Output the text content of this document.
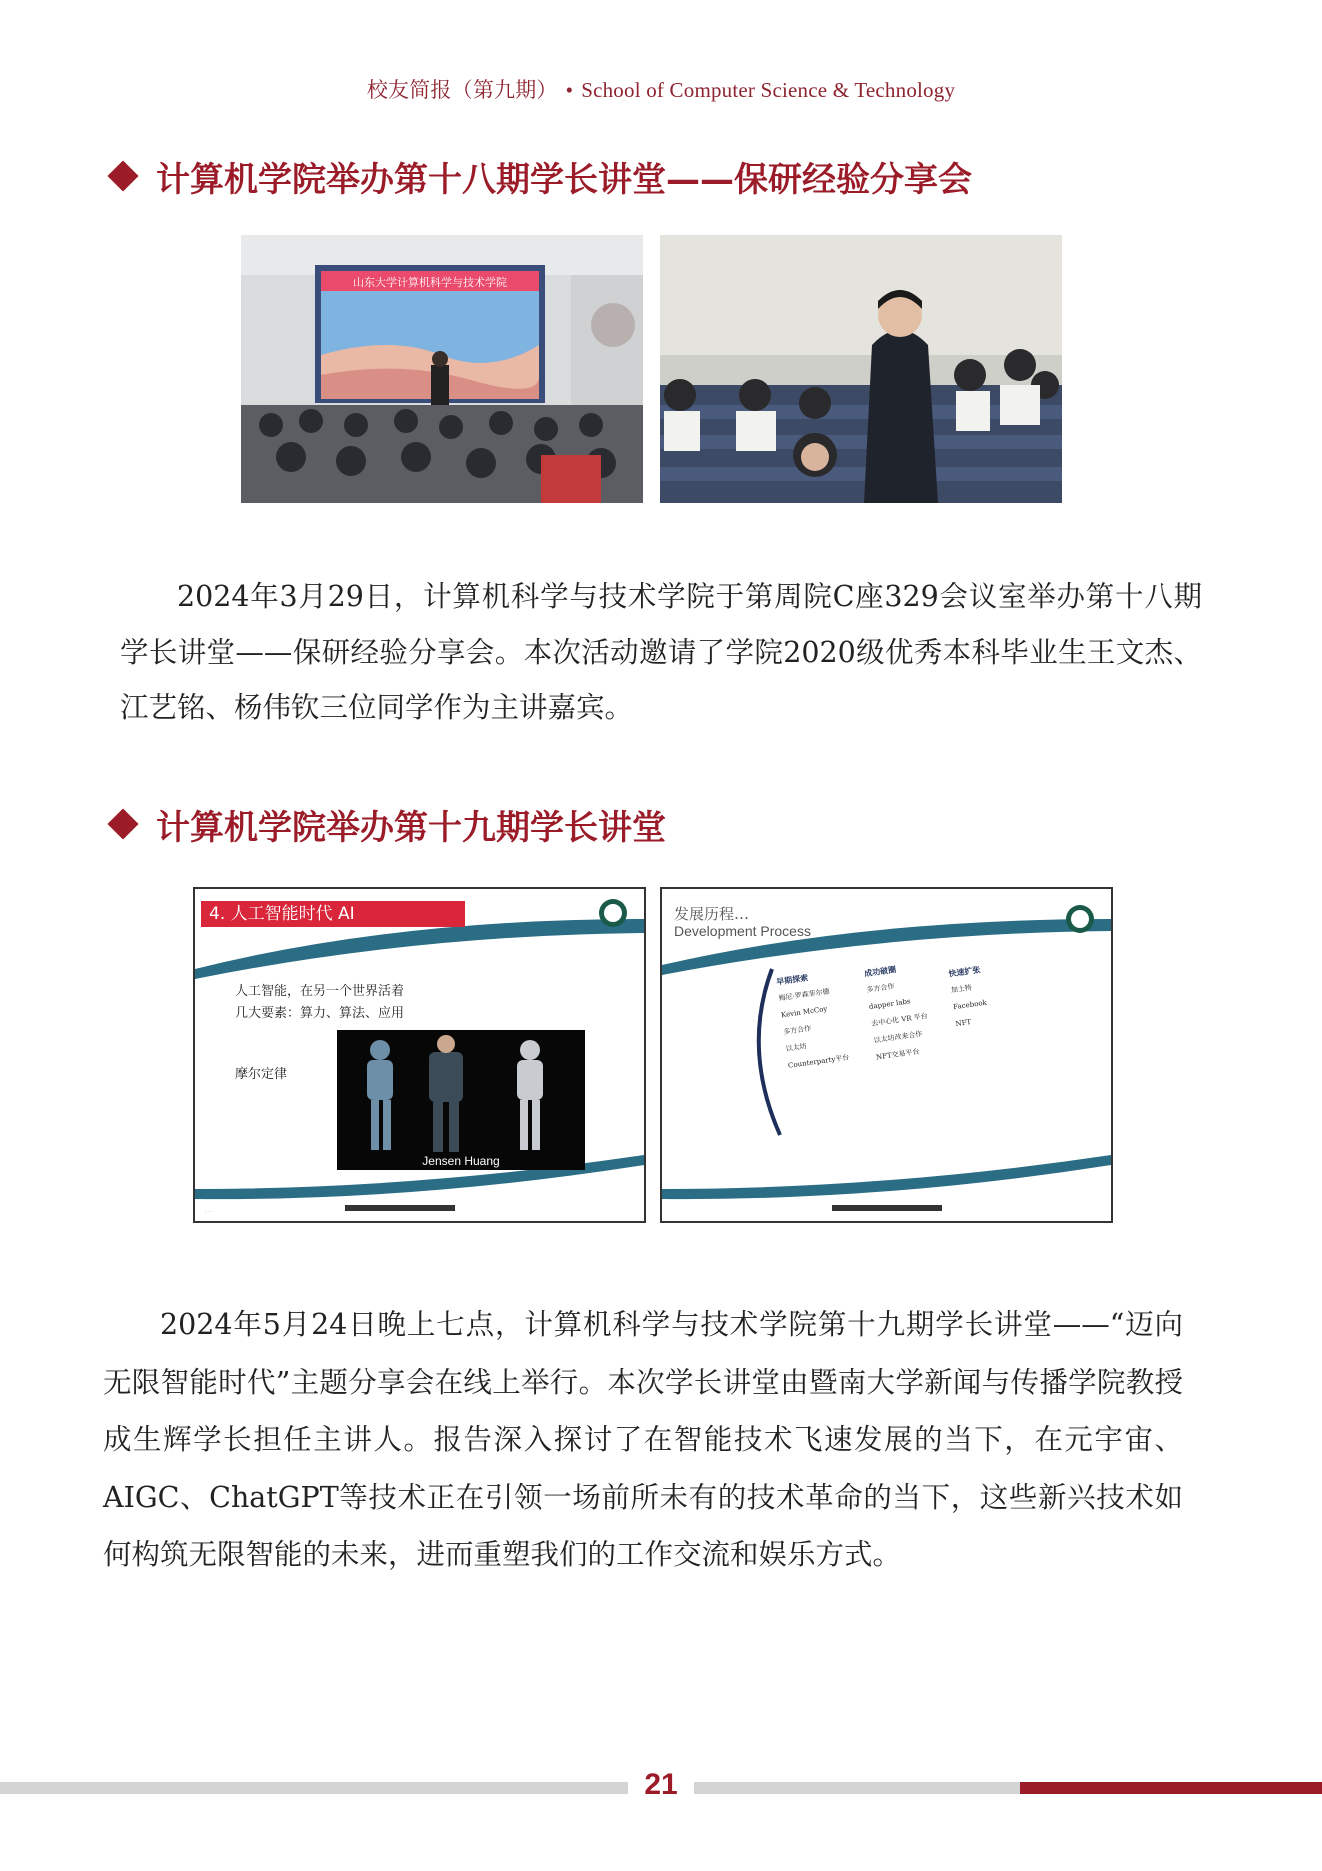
校友简报（第九期） • School of Computer Science & Technology
计算机学院举办第十八期学长讲堂——保研经验分享会
山东大学计算机科学与技术学院

2024年3月29日，计算机科学与技术学院于第周院C座329会议室举办第十八期学长讲堂——保研经验分享会。本次活动邀请了学院2020级优秀本科毕业生王文杰、江艺铭、杨伟钦三位同学作为主讲嘉宾。

计算机学院举办第十九期学长讲堂
· · ·
4. 人工智能时代 AI
人工智能，在另一个世界活着
几大要素：算力、算法、应用
摩尔定律
Jensen Huang
发展历程…
Development Process
早期探索
梅尼·罗森菲尔德
Kevin McCoy
多方合作
以太坊
Counterparty平台
成功破圈
多方合作
dapper labs
去中心化 VR 平台
以太坊改来合作
NFT交易平台
快速扩张
加士特
Facebook
NFT

2024年5月24日晚上七点，计算机科学与技术学院第十九期学长讲堂——“迈向无限智能时代”主题分享会在线上举行。本次学长讲堂由暨南大学新闻与传播学院教授成生辉学长担任主讲人。报告深入探讨了在智能技术飞速发展的当下，在元宇宙、AIGC、ChatGPT等技术正在引领一场前所未有的技术革命的当下，这些新兴技术如何构筑无限智能的未来，进而重塑我们的工作交流和娱乐方式。

21
